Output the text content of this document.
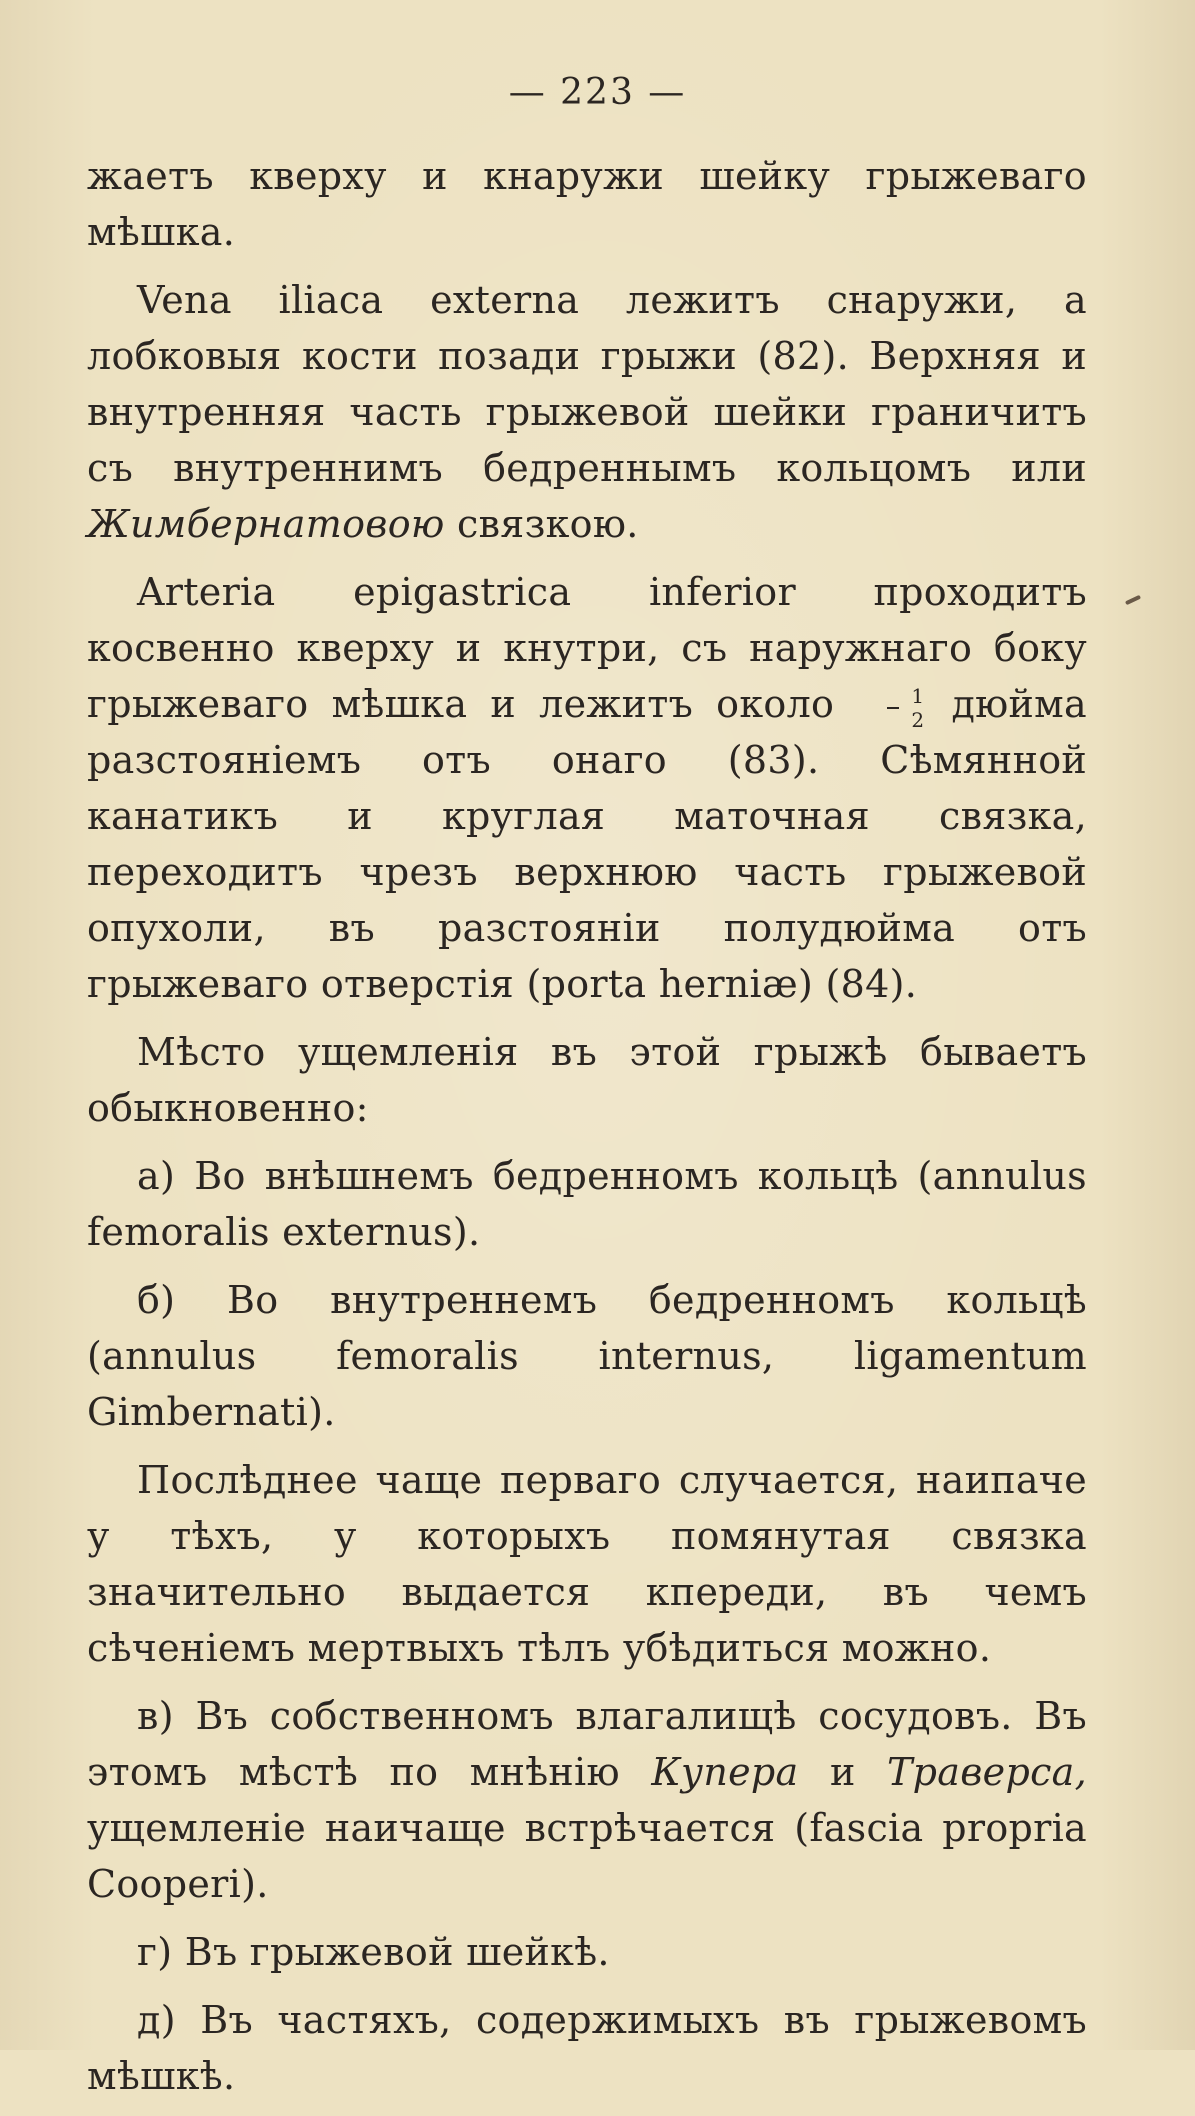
— 223 —

жаетъ кверху и кнаружи шейку грыжеваго мѣшка.

Vena iliaca externa лежитъ снаружи, а лобковыя кости позади грыжи (82). Верхняя и внутренняя часть грыжевой шейки граничитъ съ внутреннимъ бедреннымъ кольцомъ или Жимбернатовою связкою.

Arteria epigastrica inferior проходитъ косвенно кверху и кнутри, съ наружнаго боку грыжеваго мѣшка и лежитъ около $\frac{1}{2}$ дюйма разстояніемъ отъ онаго (83). Сѣмянной канатикъ и круглая маточная связка, переходитъ чрезъ верхнюю часть грыжевой опухоли, въ разстояніи полудюйма отъ грыжеваго отверстія (porta herniæ) (84).

Мѣсто ущемленія въ этой грыжѣ бываетъ обыкновенно:

а) Во внѣшнемъ бедренномъ кольцѣ (annulus femoralis externus).

б) Во внутреннемъ бедренномъ кольцѣ (annulus femoralis internus, ligamentum Gimbernati).

Послѣднее чаще перваго случается, наипаче у тѣхъ, у которыхъ помянутая связка значительно выдается кпереди, въ чемъ сѣченіемъ мертвыхъ тѣлъ убѣдиться можно.

в) Въ собственномъ влагалищѣ сосудовъ. Въ этомъ мѣстѣ по мнѣнію Купера и Траверса, ущемленіе наичаще встрѣчается (fascia propria Cooperi).

г) Въ грыжевой шейкѣ.

д) Въ частяхъ, содержимыхъ въ грыжевомъ мѣшкѣ.
